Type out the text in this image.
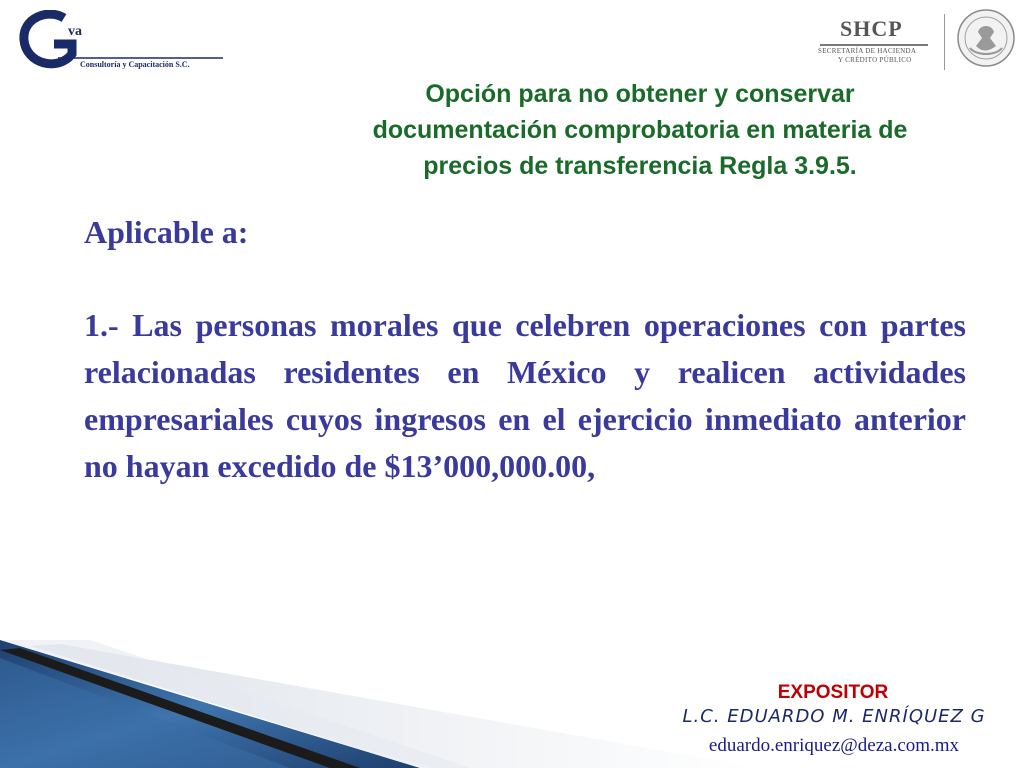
va
Consultoría y Capacitación S.C.
SHCP
SECRETARÍA DE HACIENDA
Y CRÉDITO PÚBLICO
Opción para no obtener y conservar
documentación comprobatoria en materia de
precios de transferencia Regla 3.9.5.
Aplicable a:
1.- Las personas morales que celebren operaciones con partes relacionadas residentes en México y realicen actividades empresariales cuyos ingresos en el ejercicio inmediato anterior no hayan excedido de $13’000,000.00,
EXPOSITOR
L.C. EDUARDO M. ENRÍQUEZ G
eduardo.enriquez@deza.com.mx
